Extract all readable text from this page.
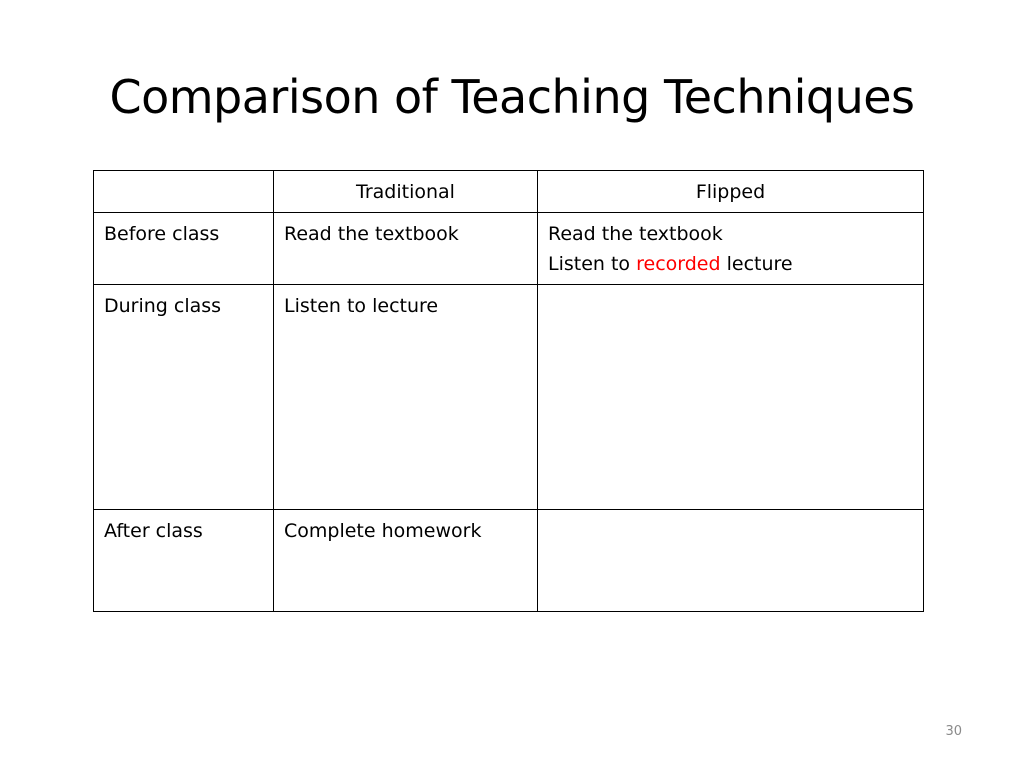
Comparison of Teaching Techniques
	Traditional	Flipped
Before class	Read the textbook	Read the textbook
Listen to recorded lecture

During class	Listen to lecture	
After class	Complete homework	
30
